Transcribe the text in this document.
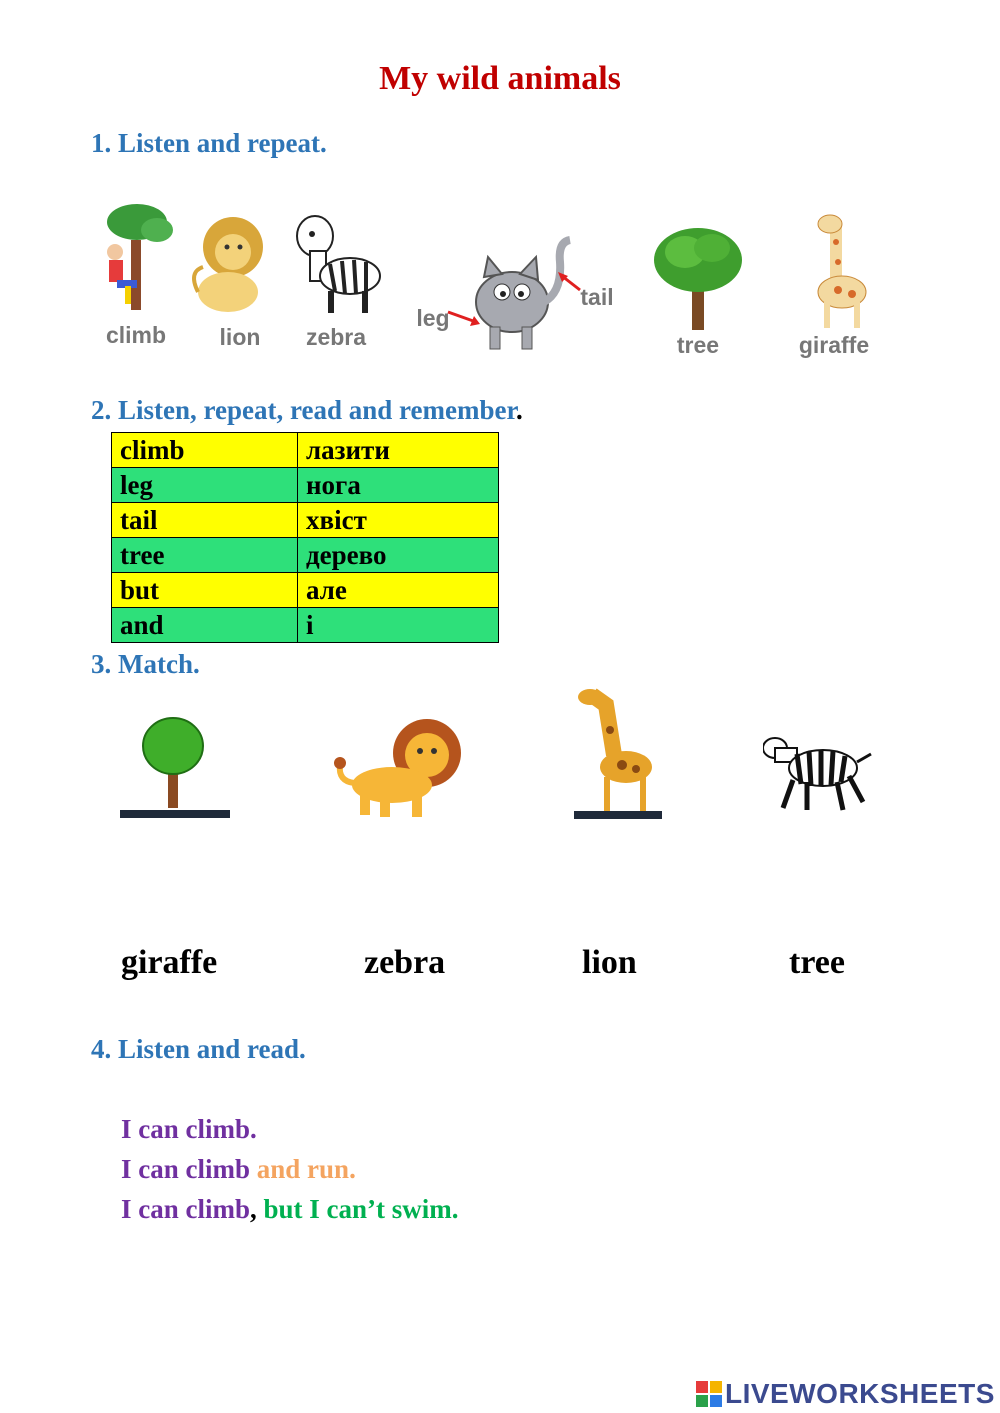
My wild animals
1. Listen and repeat.
climb	lion	zebra
leg
tail
tree	giraffe
2. Listen, repeat, read and remember.
climb	лазити
leg	нога
tail	хвіст
tree	дерево
but	але
and	і
3. Match.
giraffe	zebra	lion	tree
4. Listen and read.
I can climb.
I can climb and run.
I can climb, but I can’t swim.
LIVEWORKSHEETS
